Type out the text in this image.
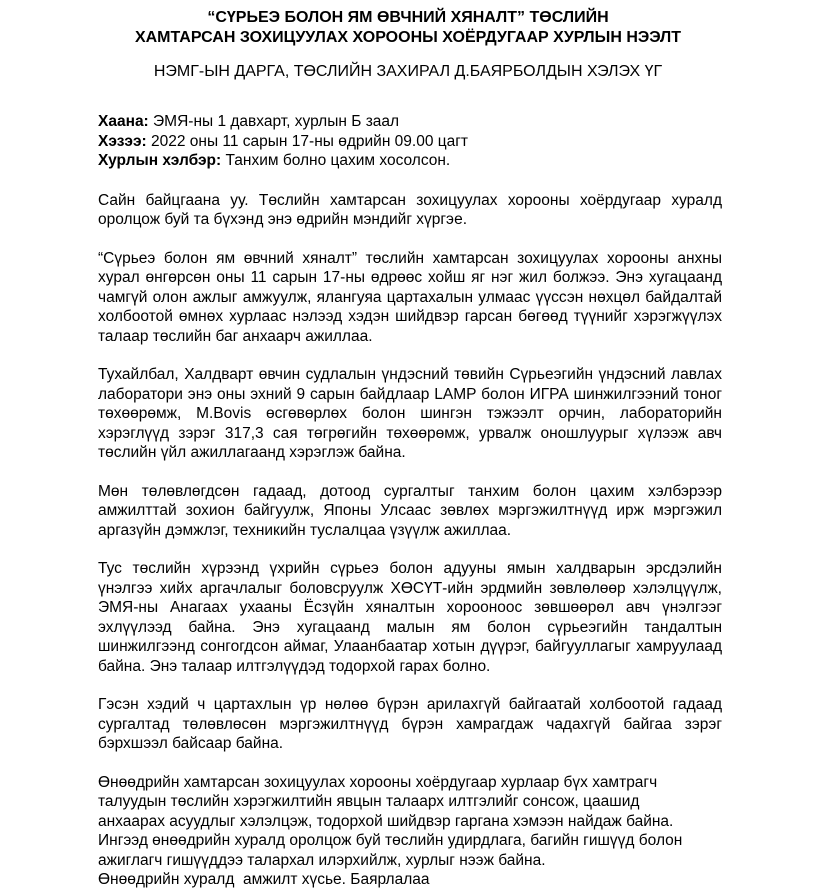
“СҮРЬЕЭ БОЛОН ЯМ ӨВЧНИЙ ХЯНАЛТ” ТӨСЛИЙН
ХАМТАРСАН ЗОХИЦУУЛАХ ХОРООНЫ ХОЁРДУГААР ХУРЛЫН НЭЭЛТ
НЭМГ-ЫН ДАРГА, ТӨСЛИЙН ЗАХИРАЛ Д.БАЯРБОЛДЫН ХЭЛЭХ ҮГ
Хаана: ЭМЯ-ны 1 давхарт, хурлын Б заал
Хэзээ: 2022 оны 11 сарын 17-ны өдрийн 09.00 цагт
Хурлын хэлбэр: Танхим болно цахим хосолсон.

Сайн байцгаана уу. Төслийн хамтарсан зохицуулах хорооны хоёрдугаар хуралд оролцож буй та бүхэнд энэ өдрийн мэндийг хүргэе.

“Сүрьеэ болон ям өвчний хяналт” төслийн хамтарсан зохицуулах хорооны анхны хурал өнгөрсөн оны 11 сарын 17-ны өдрөөс хойш яг нэг жил болжээ. Энэ хугацаанд чамгүй олон ажлыг амжуулж, ялангуяа цартахалын улмаас үүссэн нөхцөл байдалтай холбоотой өмнөх хурлаас нэлээд хэдэн шийдвэр гарсан бөгөөд түүнийг хэрэгжүүлэх талаар төслийн баг анхаарч ажиллаа.

Тухайлбал, Халдварт өвчин судлалын үндэсний төвийн Сүрьеэгийн үндэсний лавлах лаборатори энэ оны эхний 9 сарын байдлаар LAMP болон ИГРА шинжилгээний тоног төхөөрөмж, M.Bovis өсгөвөрлөх болон шингэн тэжээлт орчин, лабораторийн хэрэглүүд зэрэг 317,3 сая төгрөгийн төхөөрөмж, урвалж оношлуурыг хүлээж авч төслийн үйл ажиллагаанд хэрэглэж байна.

Мөн төлөвлөгдсөн гадаад, дотоод сургалтыг танхим болон цахим хэлбэрээр амжилттай зохион байгуулж, Японы Улсаас зөвлөх мэргэжилтнүүд ирж мэргэжил аргазүйн дэмжлэг, техникийн туслалцаа үзүүлж ажиллаа.

Тус төслийн хүрээнд үхрийн сүрьеэ болон адууны ямын халдварын эрсдэлийн үнэлгээ хийх аргачлалыг боловсруулж ХӨСҮТ-ийн эрдмийн зөвлөлөөр хэлэлцүүлж, ЭМЯ-ны Анагаах ухааны Ёсзүйн хяналтын хорооноос зөвшөөрөл авч үнэлгээг эхлүүлээд байна. Энэ хугацаанд малын ям болон сүрьеэгийн тандалтын шинжилгээнд сонгогдсон аймаг, Улаанбаатар хотын дүүрэг, байгууллагыг хамруулаад байна. Энэ талаар илтгэлүүдэд тодорхой гарах болно.

Гэсэн хэдий ч цартахлын үр нөлөө бүрэн арилахгүй байгаатай холбоотой гадаад сургалтад төлөвлөсөн мэргэжилтнүүд бүрэн хамрагдаж чадахгүй байгаа зэрэг бэрхшээл байсаар байна.

Өнөөдрийн хамтарсан зохицуулах хорооны хоёрдугаар хурлаар бүх хамтрагч
талуудын төслийн хэрэгжилтийн явцын талаарх илтгэлийг сонсож, цаашид
анхаарах асуудлыг хэлэлцэж, тодорхой шийдвэр гаргана хэмээн найдаж байна.
Ингээд өнөөдрийн хуралд оролцож буй төслийн удирдлага, багийн гишүүд болон
ажиглагч гишүүддээ талархал илэрхийлж, хурлыг нээж байна.
Өнөөдрийн хуралд  амжилт хүсье. Баярлалаа
